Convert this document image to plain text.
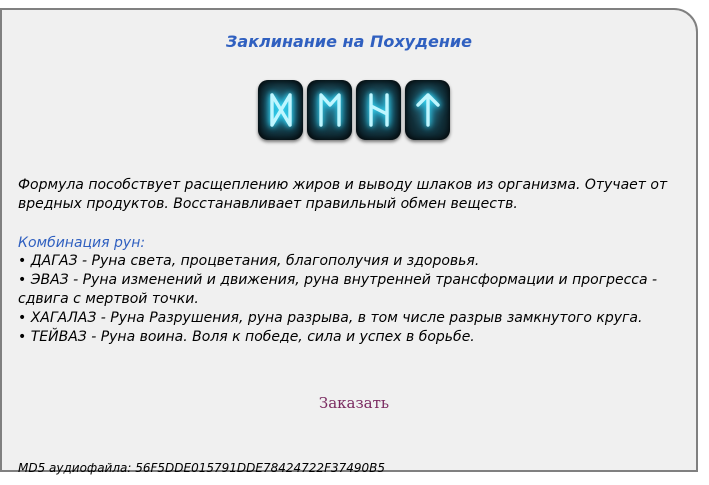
Заклинание на Похудение

Формула пособствует расщеплению жиров и выводу шлаков из организма. Отучает от вредных продуктов. Восстанавливает правильный обмен веществ.

Комбинация рун:
• ДАГАЗ - Руна света, процветания, благополучия и здоровья.
• ЭВАЗ - Руна изменений и движения, руна внутренней трансформации и прогресса - сдвига с мертвой точки.
• ХАГАЛАЗ - Руна Разрушения, руна разрыва, в том числе разрыв замкнутого круга.
• ТЕЙВАЗ - Руна воина. Воля к победе, сила и успех в борьбе.
Заказать
MD5 аудиофайла: 56F5DDE015791DDE78424722F37490B5
